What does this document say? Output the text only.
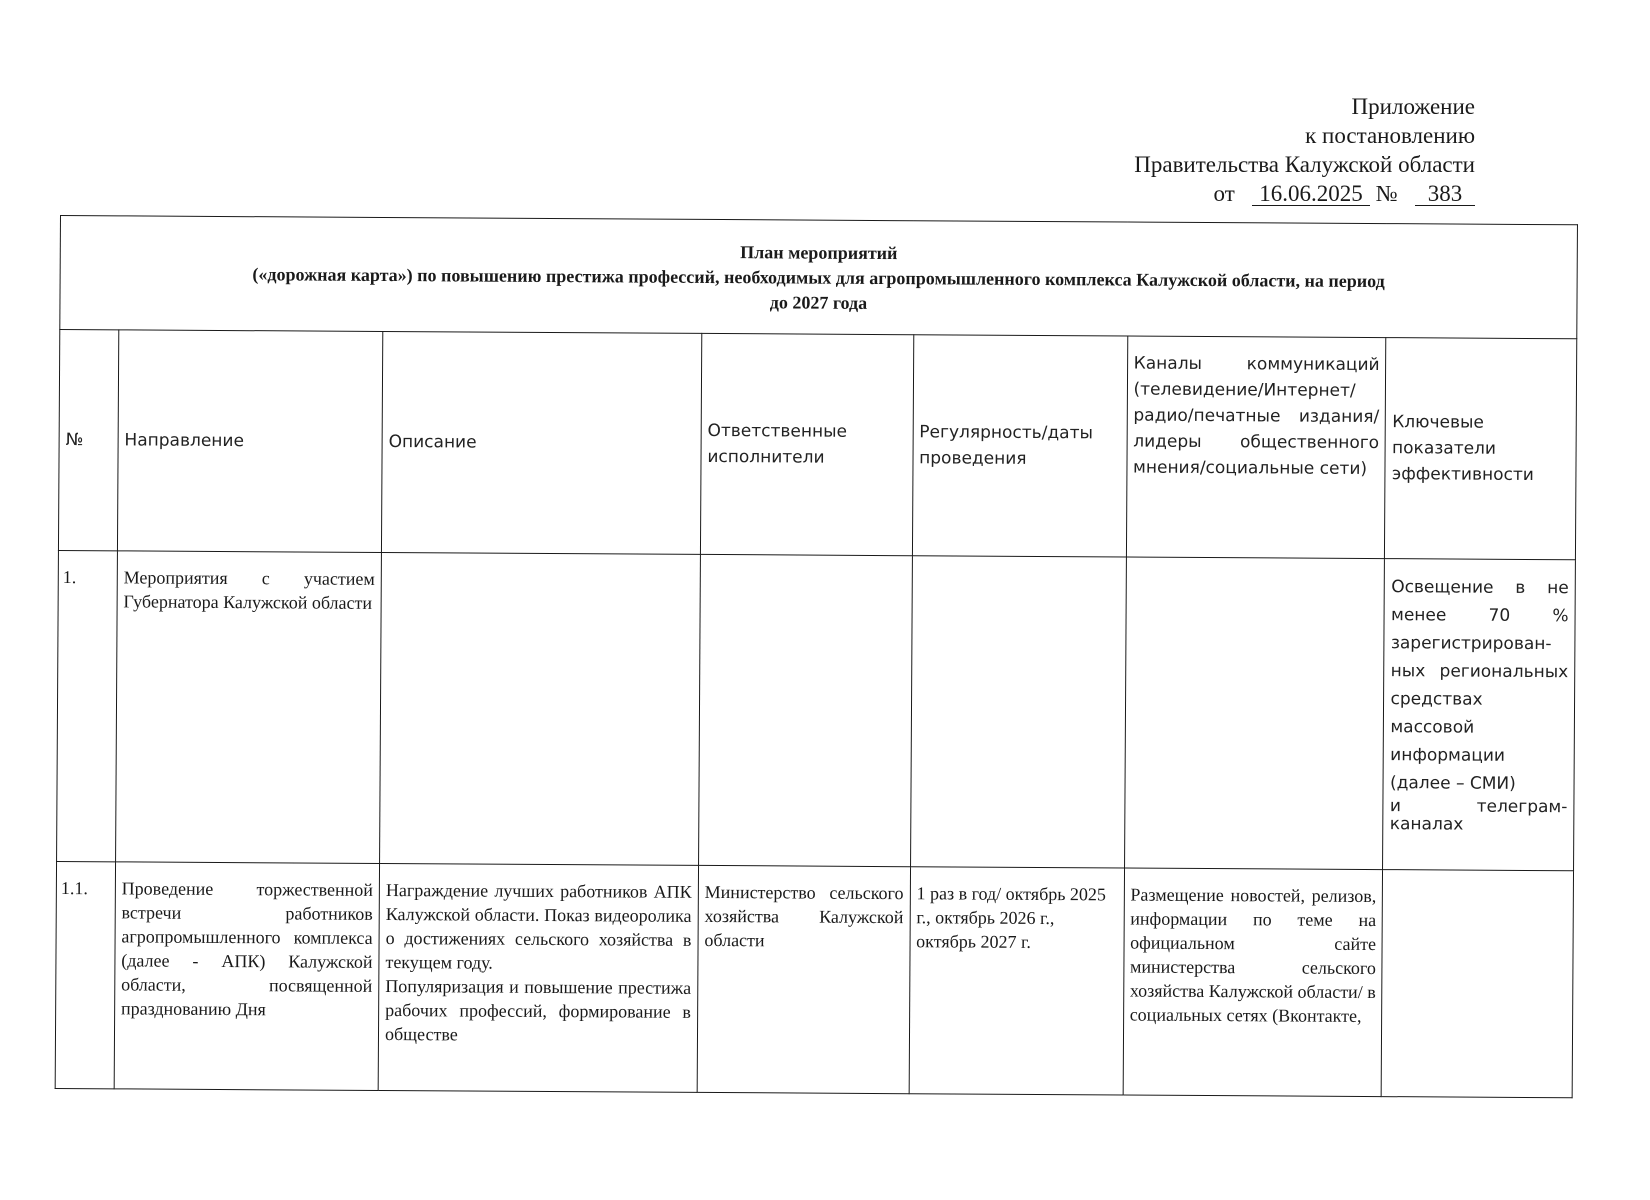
Приложение
к постановлению
Правительства Калужской области
от 16.06.2025 № 383
План мероприятий
(«дорожная карта») по повышению престижа профессий, необходимых для агропромышленного комплекса Калужской области, на период
до 2027 года						

№	Направление	Описание	Ответственные исполнители	Регулярность/даты проведения	Каналы коммуникаций (телевидение/Интернет/ радио/печатные издания/лидеры общественного мнения/социальные сети)	Ключевые показатели эффективности
1.	Мероприятия с участием Губернатора Калужской области					Освещение в не менее 70 % зарегистрирован-ных региональных средствах массовой информации (далее – СМИ)
и телеграм-каналах

1.1.	Проведение торжественной встречи работников агропромышленного комплекса (далее - АПК) Калужской области, посвященной празднованию Дня	Награждение лучших работников АПК Калужской области. Показ видеоролика о достижениях сельского хозяйства в текущем году.
Популяризация и повышение престижа рабочих профессий, формирование в обществе	Министерство сельского хозяйства Калужской области	1 раз в год/ октябрь 2025 г., октябрь 2026 г., октябрь 2027 г.	Размещение новостей, релизов, информации по теме на официальном сайте министерства сельского хозяйства Калужской области/ в социальных сетях (Вконтакте,	
